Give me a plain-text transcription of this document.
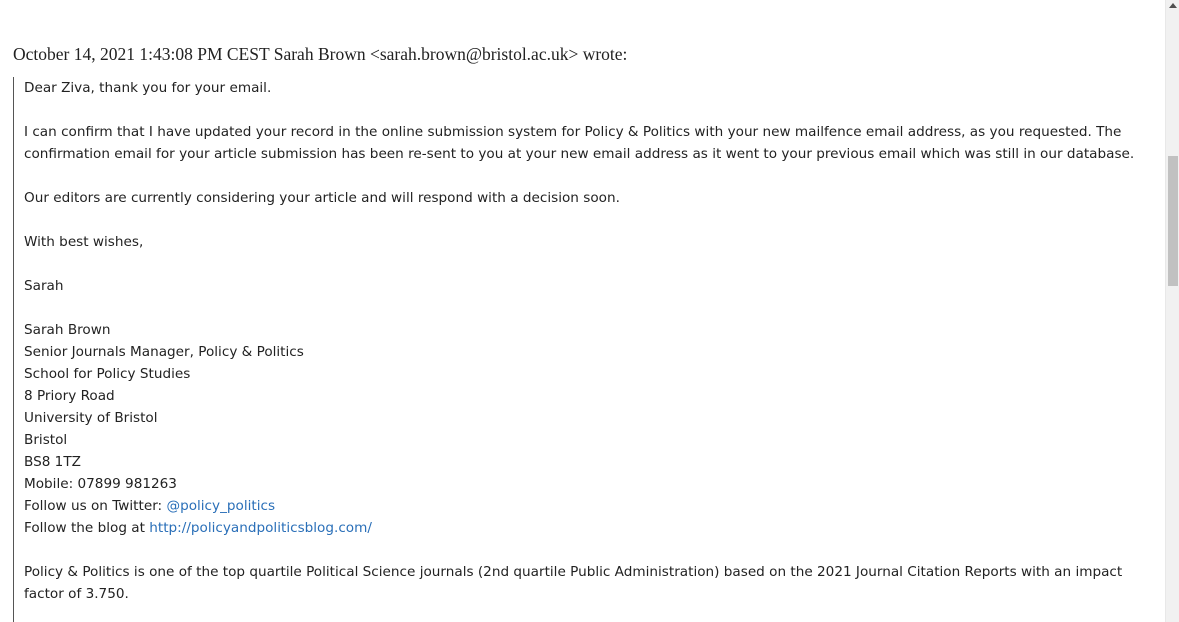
October 14, 2021 1:43:08 PM CEST Sarah Brown <sarah.brown@bristol.ac.uk> wrote:

Dear Ziva, thank you for your email.

I can confirm that I have updated your record in the online submission system for Policy & Politics with your new mailfence email address, as you requested. The confirmation email for your article submission has been re-sent to you at your new email address as it went to your previous email which was still in our database.

Our editors are currently considering your article and will respond with a decision soon.

With best wishes,

Sarah

Sarah Brown
Senior Journals Manager, Policy & Politics
School for Policy Studies
8 Priory Road
University of Bristol
Bristol
BS8 1TZ
Mobile: 07899 981263
Follow us on Twitter: @policy_politics
Follow the blog at http://policyandpoliticsblog.com/

Policy & Politics is one of the top quartile Political Science journals (2nd quartile Public Administration) based on the 2021 Journal Citation Reports with an impact factor of 3.750.
